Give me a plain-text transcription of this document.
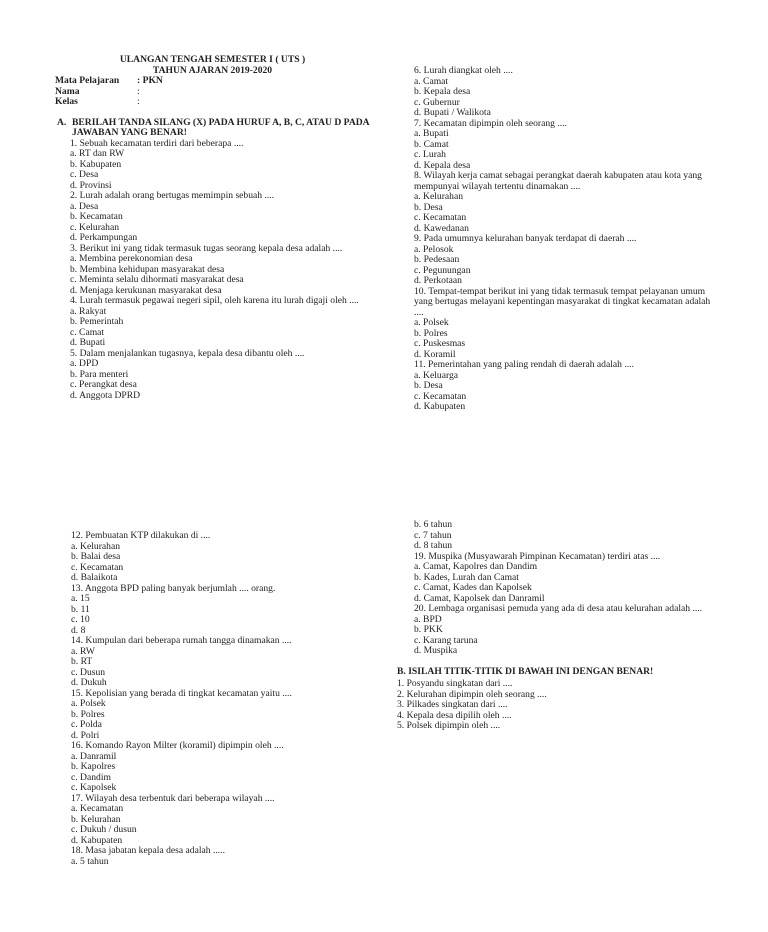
ULANGAN TENGAH SEMESTER I ( UTS )
TAHUN AJARAN 2019-2020
Mata Pelajaran	: PKN
Nama	:
Kelas	:
A. BERILAH TANDA SILANG (X) PADA HURUF A, B, C, ATAU D PADA JAWABAN YANG BENAR!
1. Sebuah kecamatan terdiri dari beberapa ....
a. RT dan RW
b. Kabupaten
c. Desa
d. Provinsi
2. Lurah adalah orang bertugas memimpin sebuah ....
a. Desa
b. Kecamatan
c. Kelurahan
d. Perkampungan
3. Berikut ini yang tidak termasuk tugas seorang kepala desa adalah ....
a. Membina perekonomian desa
b. Membina kehidupan masyarakat desa
c. Meminta selalu dihormati masyarakat desa
d. Menjaga kerukunan masyarakat desa
4. Lurah termasuk pegawai negeri sipil, oleh karena itu lurah digaji oleh ....
a. Rakyat
b. Pemerintah
c. Camat
d. Bupati
5. Dalam menjalankan tugasnya, kepala desa dibantu oleh ....
a. DPD
b. Para menteri
c. Perangkat desa
d. Anggota DPRD
6. Lurah diangkat oleh ....
a. Camat
b. Kepala desa
c. Gubernur
d. Bupati / Walikota
7. Kecamatan dipimpin oleh seorang ....
a. Bupati
b. Camat
c. Lurah
d. Kepala desa
8. Wilayah kerja camat sebagai perangkat daerah kabupaten atau kota yang mempunyai wilayah tertentu dinamakan ....
a. Kelurahan
b. Desa
c. Kecamatan
d. Kawedanan
9. Pada umumnya kelurahan banyak terdapat di daerah ....
a. Pelosok
b. Pedesaan
c. Pegunungan
d. Perkotaan
10. Tempat-tempat berikut ini yang tidak termasuk tempat pelayanan umum yang bertugas melayani kepentingan masyarakat di tingkat kecamatan adalah ....
a. Polsek
b. Polres
c. Puskesmas
d. Koramil
11. Pemerintahan yang paling rendah di daerah adalah ....
a. Keluarga
b. Desa
c. Kecamatan
d. Kabupaten
12. Pembuatan KTP dilakukan di ....
a. Kelurahan
b. Balai desa
c. Kecamatan
d. Balaikota
13. Anggota BPD paling banyak berjumlah .... orang.
a. 15
b. 11
c. 10
d. 8
14. Kumpulan dari beberapa rumah tangga dinamakan ....
a. RW
b. RT
c. Dusun
d. Dukuh
15. Kepolisian yang berada di tingkat kecamatan yaitu ....
a. Polsek
b. Polres
c. Polda
d. Polri
16. Komando Rayon Milter (koramil) dipimpin oleh ....
a. Danramil
b. Kapolres
c. Dandim
c. Kapolsek
17. Wilayah desa terbentuk dari beberapa wilayah ....
a. Kecamatan
b. Kelurahan
c. Dukuh / dusun
d. Kabupaten
18. Masa jabatan kepala desa adalah .....
a. 5 tahun
b. 6 tahun
c. 7 tahun
d. 8 tahun
19. Muspika (Musyawarah Pimpinan Kecamatan) terdiri atas ....
a. Camat, Kapolres dan Dandim
b. Kades, Lurah dan Camat
c. Camat, Kades dan Kapolsek
d. Camat, Kapolsek dan Danramil
20. Lembaga organisasi pemuda yang ada di desa atau kelurahan adalah ....
a. BPD
b. PKK
c. Karang taruna
d. Muspika
B. ISILAH TITIK-TITIK DI BAWAH INI DENGAN BENAR!
1. Posyandu singkatan dari ....
2. Kelurahan dipimpin oleh seorang ....
3. Pilkades singkatan dari ....
4. Kepala desa dipilih oleh ....
5. Polsek dipimpin oleh ....
